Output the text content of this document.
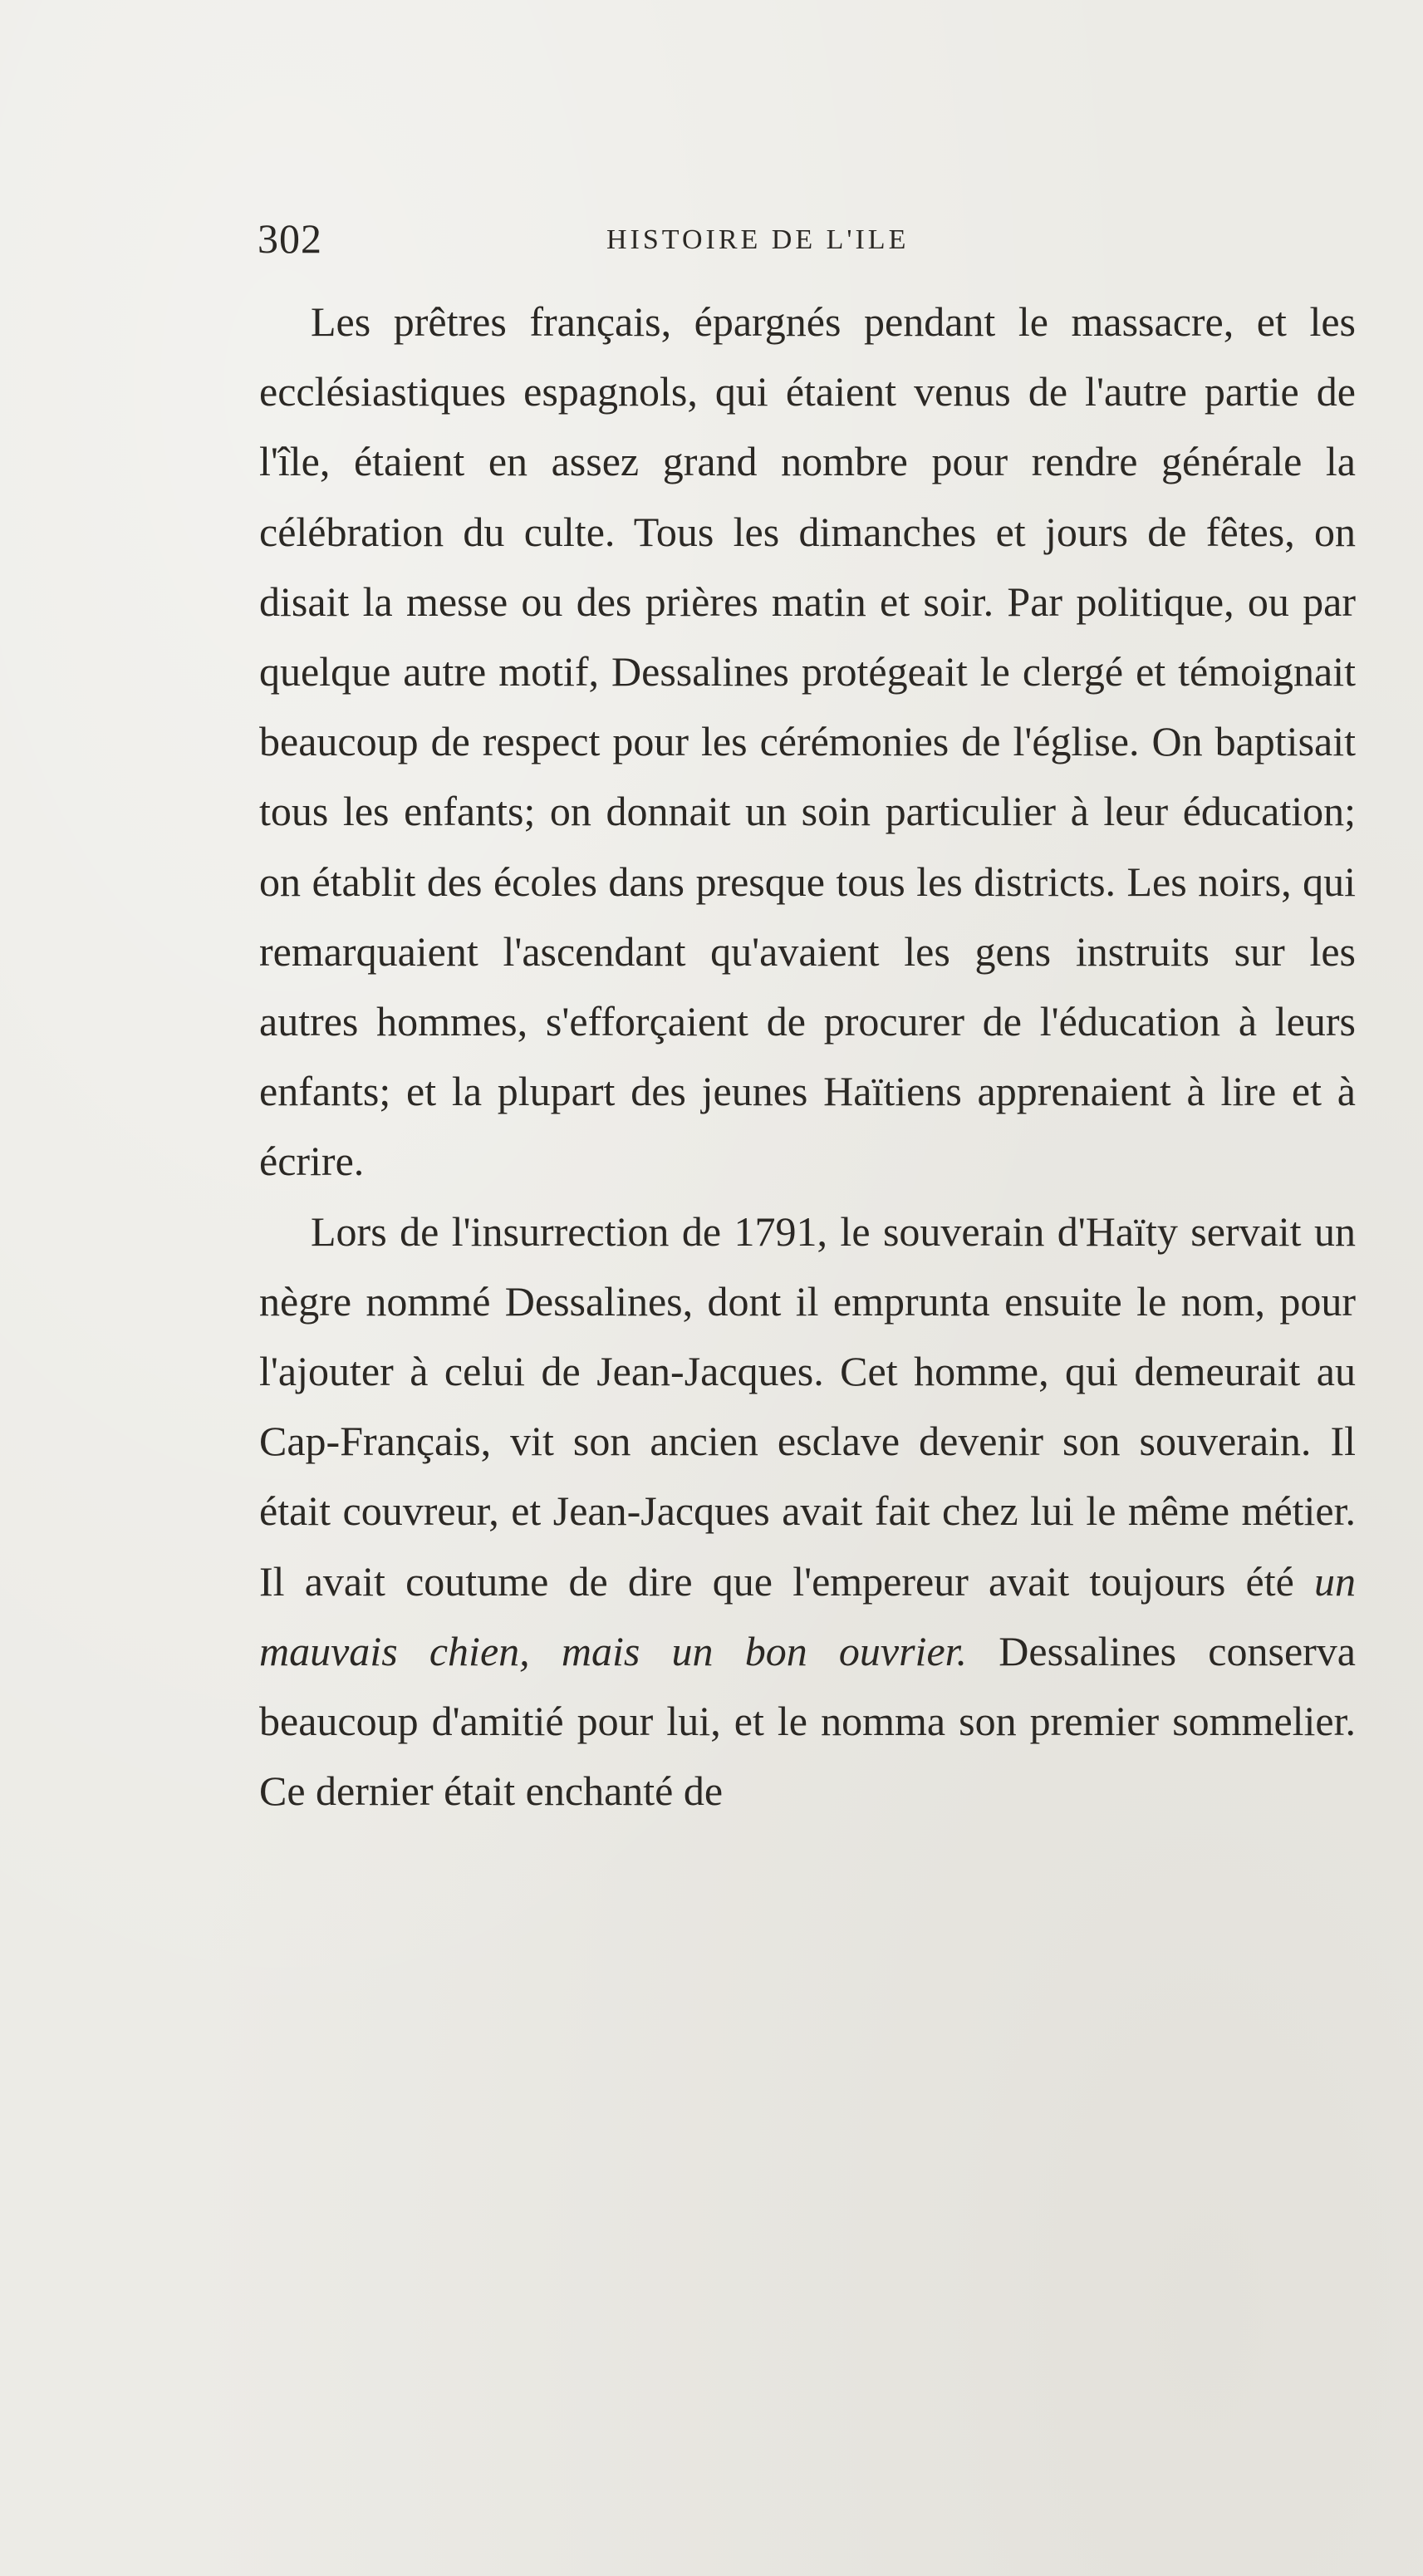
302	HISTOIRE DE L'ILE

Les prêtres français, épargnés pendant le massacre, et les ecclésiastiques espagnols, qui étaient venus de l'autre partie de l'île, étaient en assez grand nombre pour rendre générale la célébration du culte. Tous les dimanches et jours de fêtes, on disait la messe ou des prières matin et soir. Par politique, ou par quelque autre motif, Dessalines protégeait le clergé et témoignait beaucoup de respect pour les cérémonies de l'église. On baptisait tous les enfants; on donnait un soin particulier à leur éducation; on établit des écoles dans presque tous les districts. Les noirs, qui remarquaient l'ascendant qu'avaient les gens instruits sur les autres hommes, s'efforçaient de procurer de l'éducation à leurs enfants; et la plupart des jeunes Haïtiens apprenaient à lire et à écrire.

Lors de l'insurrection de 1791, le souverain d'Haïty servait un nègre nommé Dessalines, dont il emprunta ensuite le nom, pour l'ajouter à celui de Jean-Jacques. Cet homme, qui demeurait au Cap-Français, vit son ancien esclave devenir son souverain. Il était couvreur, et Jean-Jacques avait fait chez lui le même métier. Il avait coutume de dire que l'empereur avait toujours été un mauvais chien, mais un bon ouvrier. Dessalines conserva beaucoup d'amitié pour lui, et le nomma son premier sommelier. Ce dernier était enchanté de
